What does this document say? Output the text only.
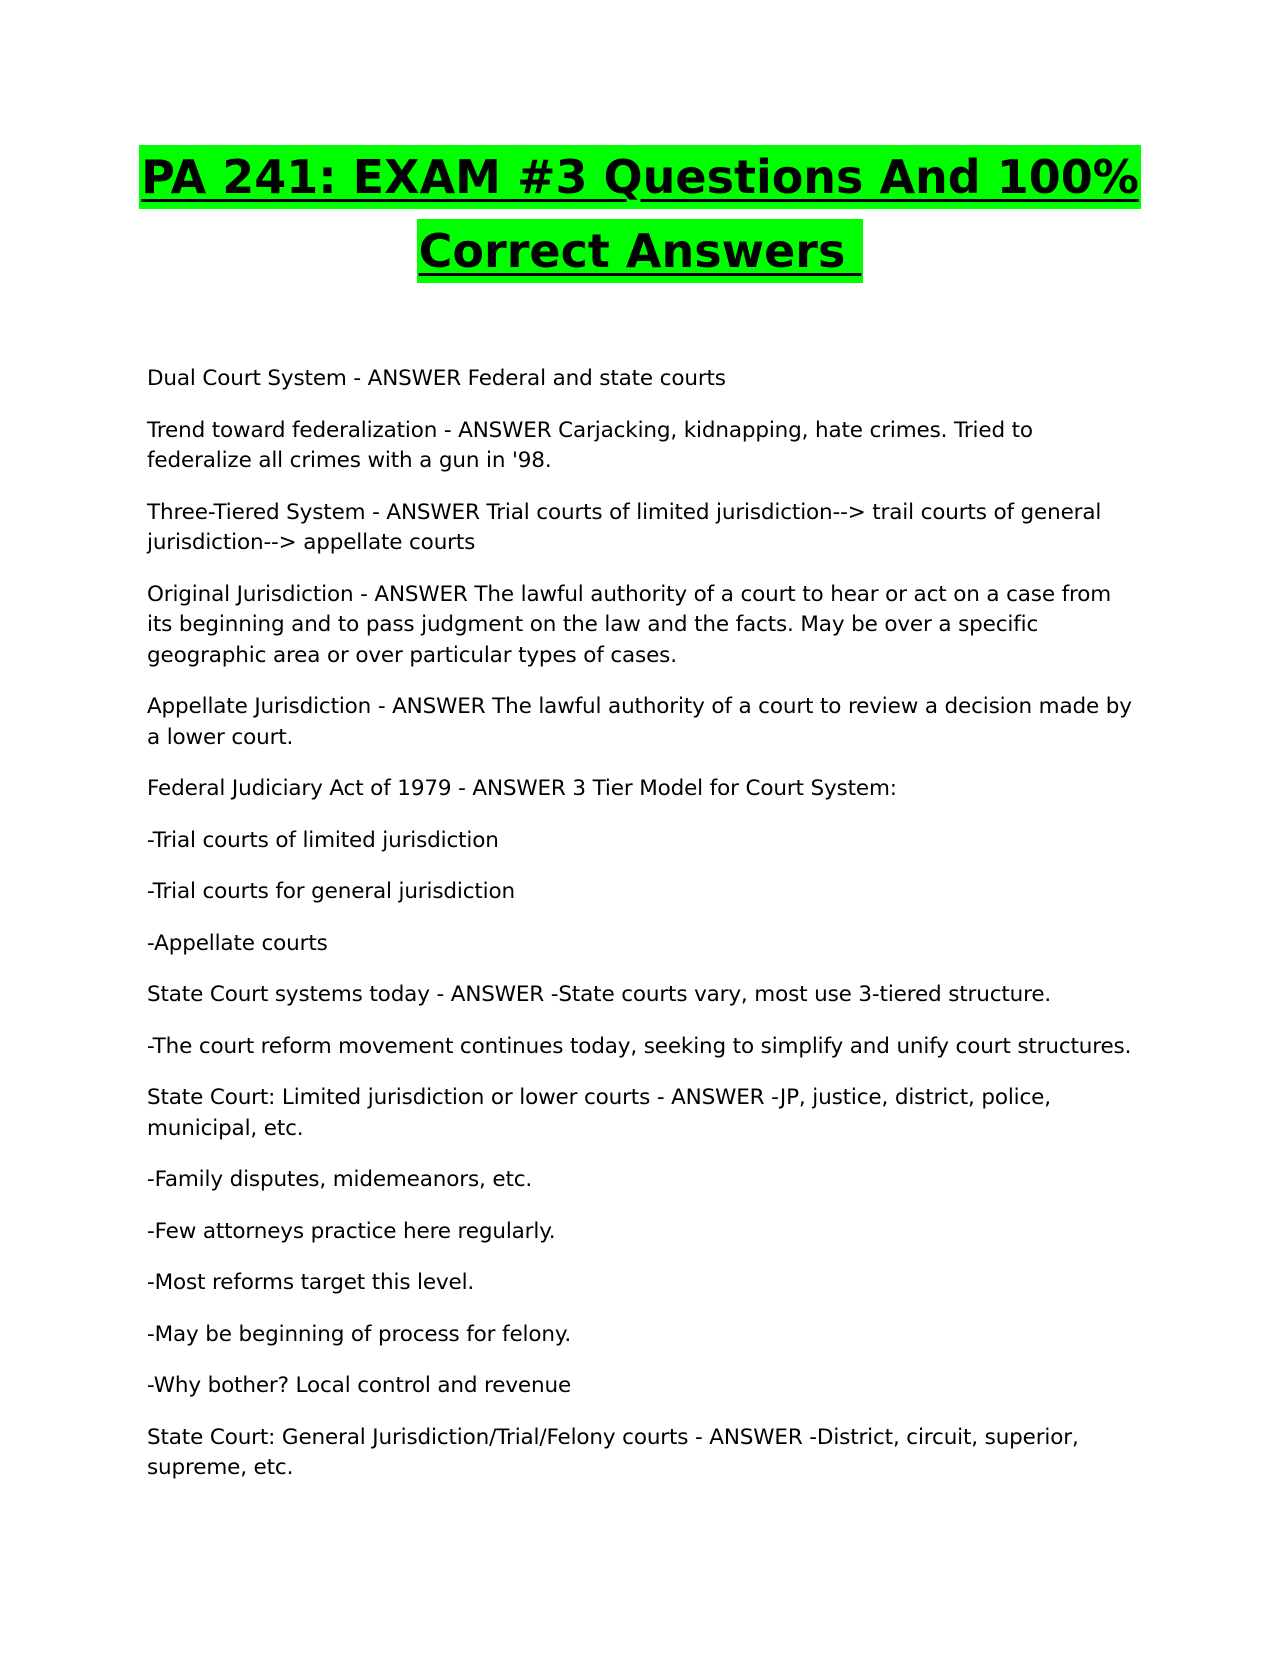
PA 241: EXAM #3 Questions And 100%
Correct Answers

Dual Court System - ANSWER Federal and state courts

Trend toward federalization - ANSWER Carjacking, kidnapping, hate crimes. Tried to federalize all crimes with a gun in '98.

Three-Tiered System - ANSWER Trial courts of limited jurisdiction--> trail courts of general jurisdiction--> appellate courts

Original Jurisdiction - ANSWER The lawful authority of a court to hear or act on a case from its beginning and to pass judgment on the law and the facts. May be over a specific geographic area or over particular types of cases.

Appellate Jurisdiction - ANSWER The lawful authority of a court to review a decision made by a lower court.

Federal Judiciary Act of 1979 - ANSWER 3 Tier Model for Court System:

-Trial courts of limited jurisdiction

-Trial courts for general jurisdiction

-Appellate courts

State Court systems today - ANSWER -State courts vary, most use 3-tiered structure.

-The court reform movement continues today, seeking to simplify and unify court structures.

State Court: Limited jurisdiction or lower courts - ANSWER -JP, justice, district, police, municipal, etc.

-Family disputes, midemeanors, etc.

-Few attorneys practice here regularly.

-Most reforms target this level.

-May be beginning of process for felony.

-Why bother? Local control and revenue

State Court: General Jurisdiction/Trial/Felony courts - ANSWER -District, circuit, superior, supreme, etc.
